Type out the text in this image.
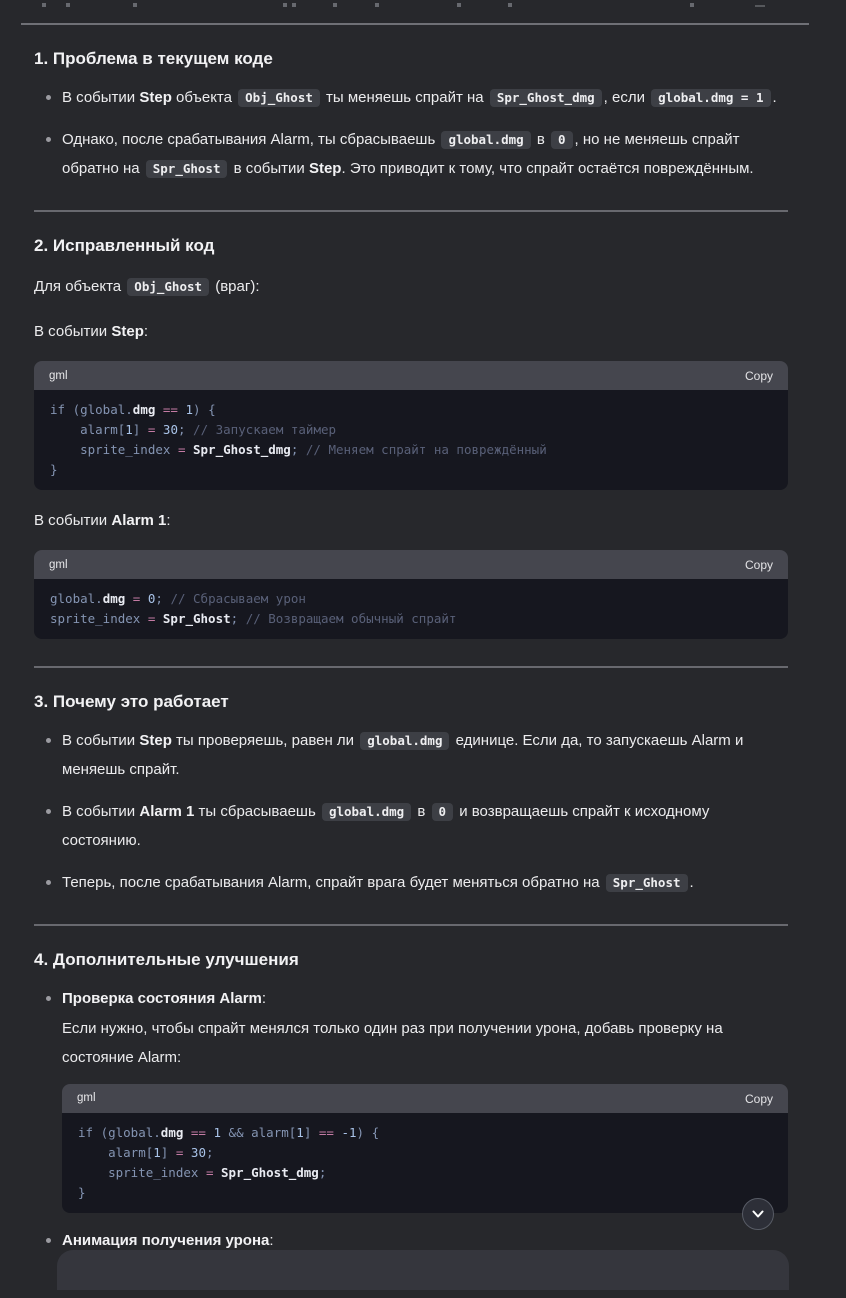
1. Проблема в текущем коде
В событии Step объекта Obj_Ghost ты меняешь спрайт на Spr_Ghost_dmg , если global.dmg = 1 .
Однако, после срабатывания Alarm, ты сбрасываешь global.dmg в 0 , но не меняешь спрайт обратно на Spr_Ghost в событии Step. Это приводит к тому, что спрайт остаётся повреждённым.
2. Исправленный код
Для объекта Obj_Ghost (враг):
В событии Step:
gml	Copy
if (global.dmg == 1) {
alarm[1] = 30; // Запускаем таймер
sprite_index = Spr_Ghost_dmg; // Меняем спрайт на повреждённый
}
В событии Alarm 1:
gml	Copy
global.dmg = 0; // Сбрасываем урон
sprite_index = Spr_Ghost; // Возвращаем обычный спрайт
3. Почему это работает
В событии Step ты проверяешь, равен ли global.dmg единице. Если да, то запускаешь Alarm и меняешь спрайт.
В событии Alarm 1 ты сбрасываешь global.dmg в 0 и возвращаешь спрайт к исходному состоянию.
Теперь, после срабатывания Alarm, спрайт врага будет меняться обратно на Spr_Ghost .
4. Дополнительные улучшения
Проверка состояния Alarm:
Если нужно, чтобы спрайт менялся только один раз при получении урона, добавь проверку на состояние Alarm:
gml	Copy
if (global.dmg == 1 && alarm[1] == -1) {
alarm[1] = 30;
sprite_index = Spr_Ghost_dmg;
}
Анимация получения урона:
